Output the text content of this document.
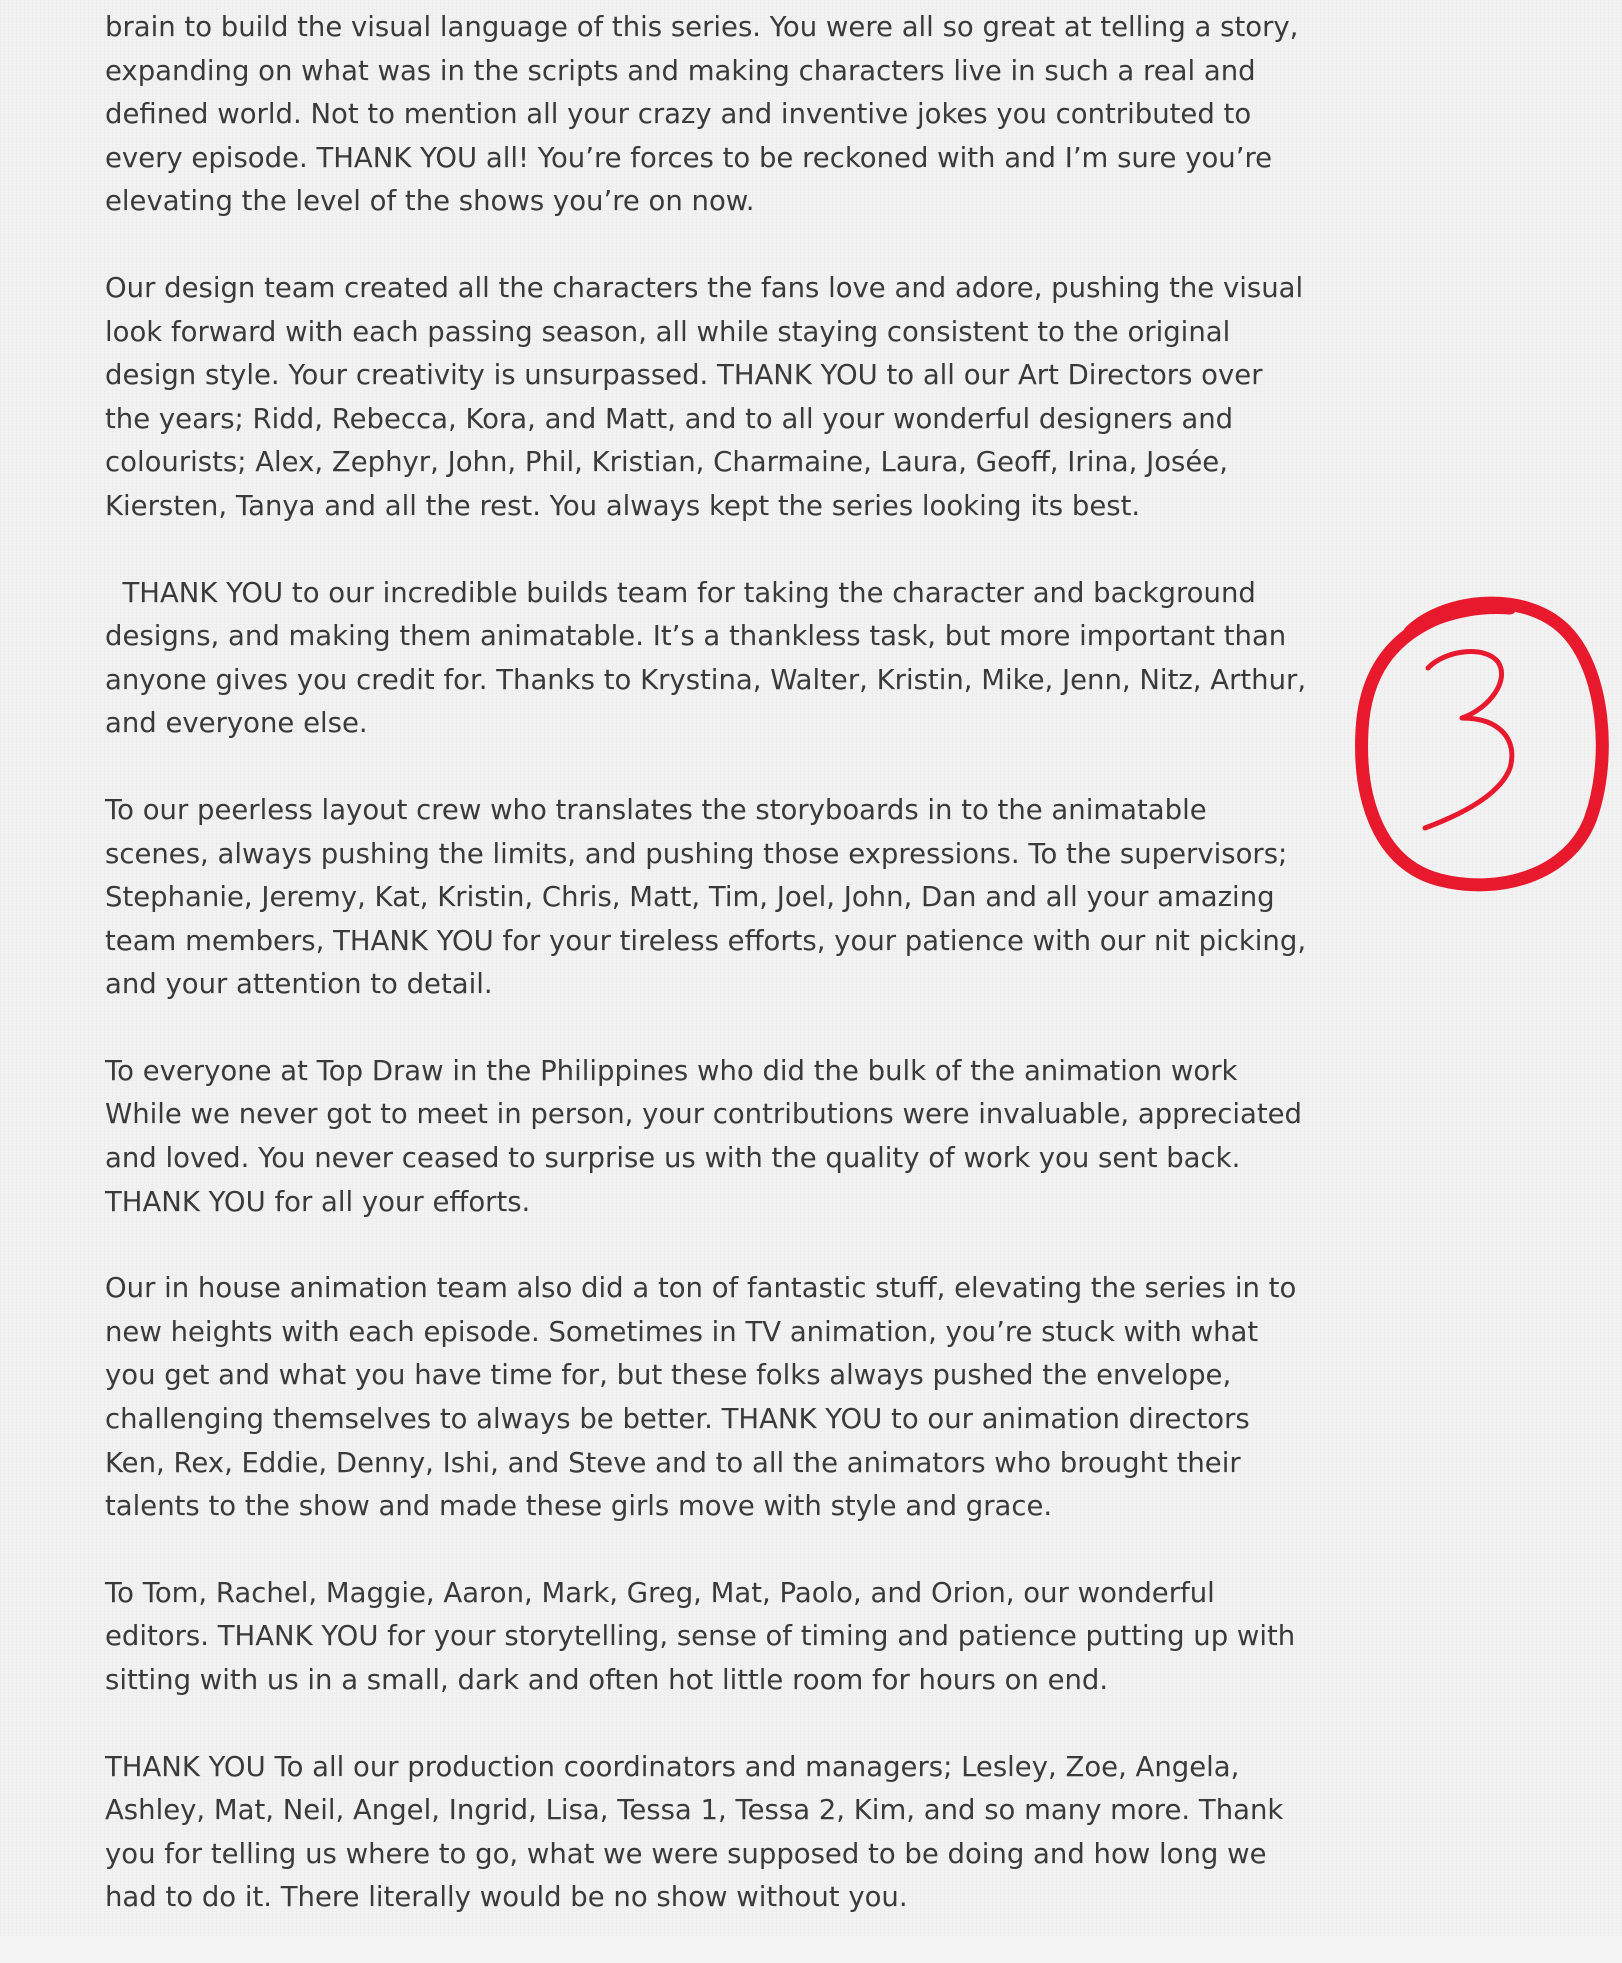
brain to build the visual language of this series. You were all so great at telling a story,
expanding on what was in the scripts and making characters live in such a real and
defined world. Not to mention all your crazy and inventive jokes you contributed to
every episode. THANK YOU all! You’re forces to be reckoned with and I’m sure you’re
elevating the level of the shows you’re on now.
Our design team created all the characters the fans love and adore, pushing the visual
look forward with each passing season, all while staying consistent to the original
design style. Your creativity is unsurpassed. THANK YOU to all our Art Directors over
the years; Ridd, Rebecca, Kora, and Matt, and to all your wonderful designers and
colourists; Alex, Zephyr, John, Phil, Kristian, Charmaine, Laura, Geoff, Irina, Josée,
Kiersten, Tanya and all the rest. You always kept the series looking its best.
THANK YOU to our incredible builds team for taking the character and background
designs, and making them animatable. It’s a thankless task, but more important than
anyone gives you credit for. Thanks to Krystina, Walter, Kristin, Mike, Jenn, Nitz, Arthur,
and everyone else.
To our peerless layout crew who translates the storyboards in to the animatable
scenes, always pushing the limits, and pushing those expressions. To the supervisors;
Stephanie, Jeremy, Kat, Kristin, Chris, Matt, Tim, Joel, John, Dan and all your amazing
team members, THANK YOU for your tireless efforts, your patience with our nit picking,
and your attention to detail.
To everyone at Top Draw in the Philippines who did the bulk of the animation work
While we never got to meet in person, your contributions were invaluable, appreciated
and loved. You never ceased to surprise us with the quality of work you sent back.
THANK YOU for all your efforts.
Our in house animation team also did a ton of fantastic stuff, elevating the series in to
new heights with each episode. Sometimes in TV animation, you’re stuck with what
you get and what you have time for, but these folks always pushed the envelope,
challenging themselves to always be better. THANK YOU to our animation directors
Ken, Rex, Eddie, Denny, Ishi, and Steve and to all the animators who brought their
talents to the show and made these girls move with style and grace.
To Tom, Rachel, Maggie, Aaron, Mark, Greg, Mat, Paolo, and Orion, our wonderful
editors. THANK YOU for your storytelling, sense of timing and patience putting up with
sitting with us in a small, dark and often hot little room for hours on end.
THANK YOU To all our production coordinators and managers; Lesley, Zoe, Angela,
Ashley, Mat, Neil, Angel, Ingrid, Lisa, Tessa 1, Tessa 2, Kim, and so many more. Thank
you for telling us where to go, what we were supposed to be doing and how long we
had to do it. There literally would be no show without you.
